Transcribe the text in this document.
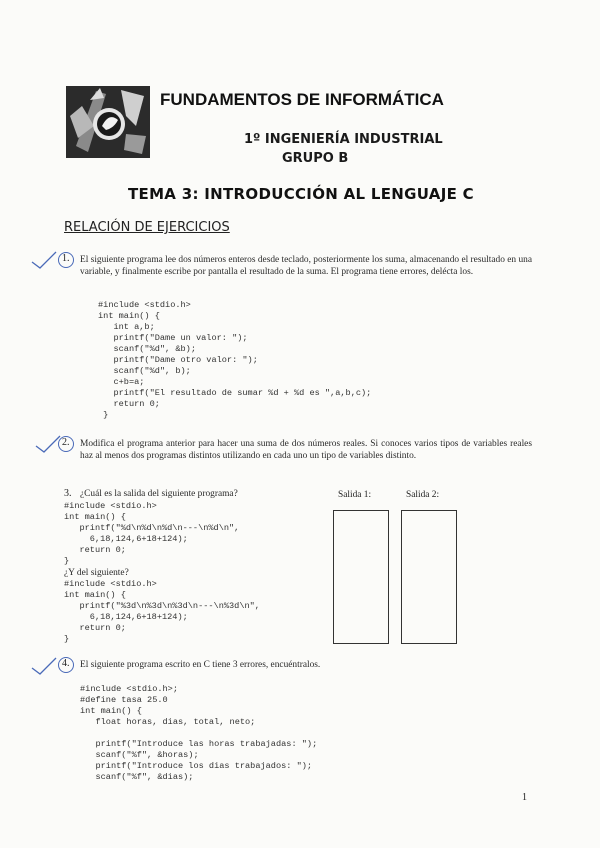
FUNDAMENTOS DE INFORMÁTICA
1º INGENIERÍA INDUSTRIAL
GRUPO B
TEMA 3: INTRODUCCIÓN AL LENGUAJE C
RELACIÓN DE EJERCICIOS
1. El siguiente programa lee dos números enteros desde teclado, posteriormente los suma, almacenando el resultado en una variable, y finalmente escribe por pantalla el resultado de la suma. El programa tiene errores, delécta los.
#include <stdio.h>
int main() {
int a,b;
printf("Dame un valor: ");
scanf("%d", &b);
printf("Dame otro valor: ");
scanf("%d", b);
c+b=a;
printf("El resultado de sumar %d + %d es ",a,b,c);
return 0;
}
2. Modifica el programa anterior para hacer una suma de dos números reales. Si conoces varios tipos de variables reales haz al menos dos programas distintos utilizando en cada uno un tipo de variables distinto.
3. ¿Cuál es la salida del siguiente programa?
#include <stdio.h>
int main() {
printf("%d\n%d\n%d\n---\n%d\n",
6,18,124,6+18+124);
return 0;
}
¿Y del siguiente?
#include <stdio.h>
int main() {
printf("%3d\n%3d\n%3d\n---\n%3d\n",
6,18,124,6+18+124);
return 0;
}
Salida 1:	Salida 2:
4. El siguiente programa escrito en C tiene 3 errores, encuéntralos.
#include <stdio.h>;
#define tasa 25.0
int main() {
float horas, dias, total, neto;

printf("Introduce las horas trabajadas: ");
scanf("%f", &horas);
printf("Introduce los dias trabajados: ");
scanf("%f", &dias);
1
